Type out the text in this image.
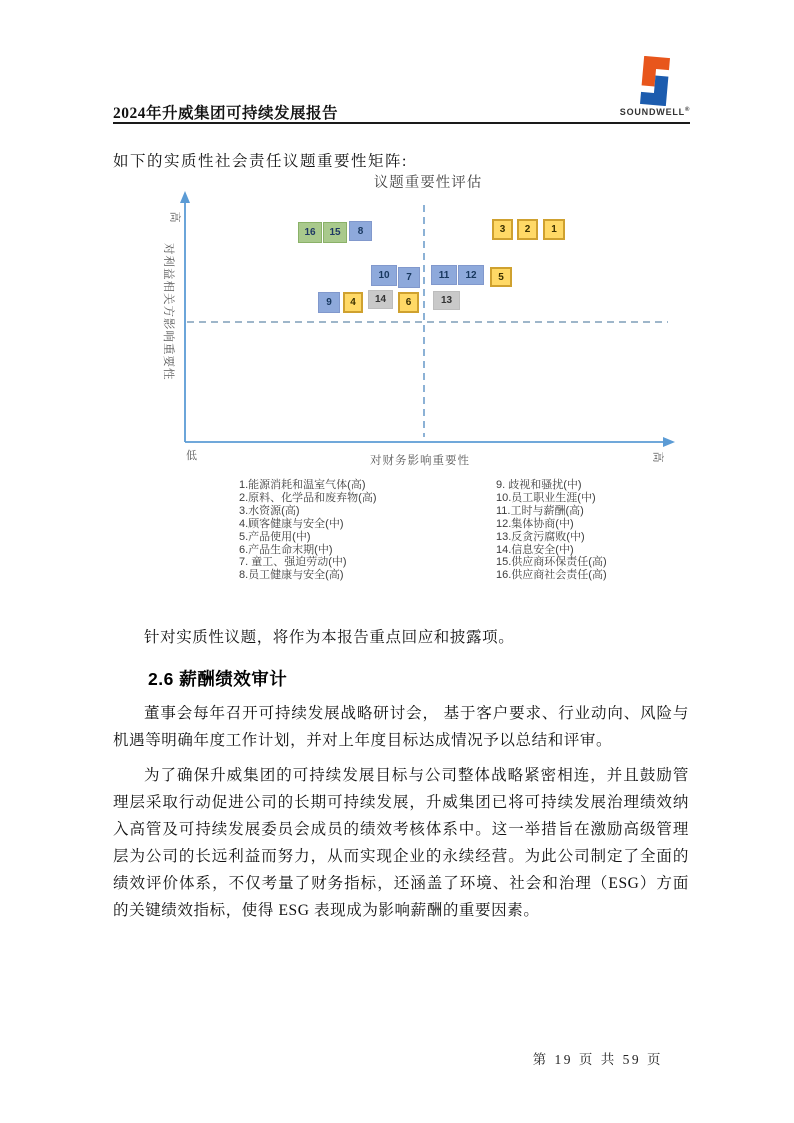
2024年升威集团可持续发展报告	SOUNDWELL®

如下的实质性社会责任议题重要性矩阵:

议题重要性评估
高
对利益相关方影响重要性
低	对财务影响重要性	高
16	15	8	3	2	1
10	7	11	12	5
9	4	14	6	13
1.能源消耗和温室气体(高)
2.原料、化学品和废弃物(高)
3.水资源(高)
4.顾客健康与安全(中)
5.产品使用(中)
6.产品生命末期(中)
7. 童工、强迫劳动(中)
8.员工健康与安全(高)
9. 歧视和骚扰(中)
10.员工职业生涯(中)
11.工时与薪酬(高)
12.集体协商(中)
13.反贪污腐败(中)
14.信息安全(中)
15.供应商环保责任(高)
16.供应商社会责任(高)

针对实质性议题，将作为本报告重点回应和披露项。

2.6 薪酬绩效审计

董事会每年召开可持续发展战略研讨会， 基于客户要求、行业动向、风险与机遇等明确年度工作计划，并对上年度目标达成情况予以总结和评审。

为了确保升威集团的可持续发展目标与公司整体战略紧密相连，并且鼓励管理层采取行动促进公司的长期可持续发展，升威集团已将可持续发展治理绩效纳入高管及可持续发展委员会成员的绩效考核体系中。这一举措旨在激励高级管理层为公司的长远利益而努力，从而实现企业的永续经营。为此公司制定了全面的绩效评价体系，不仅考量了财务指标，还涵盖了环境、社会和治理（ESG）方面的关键绩效指标，使得 ESG 表现成为影响薪酬的重要因素。

第 19 页 共 59 页
